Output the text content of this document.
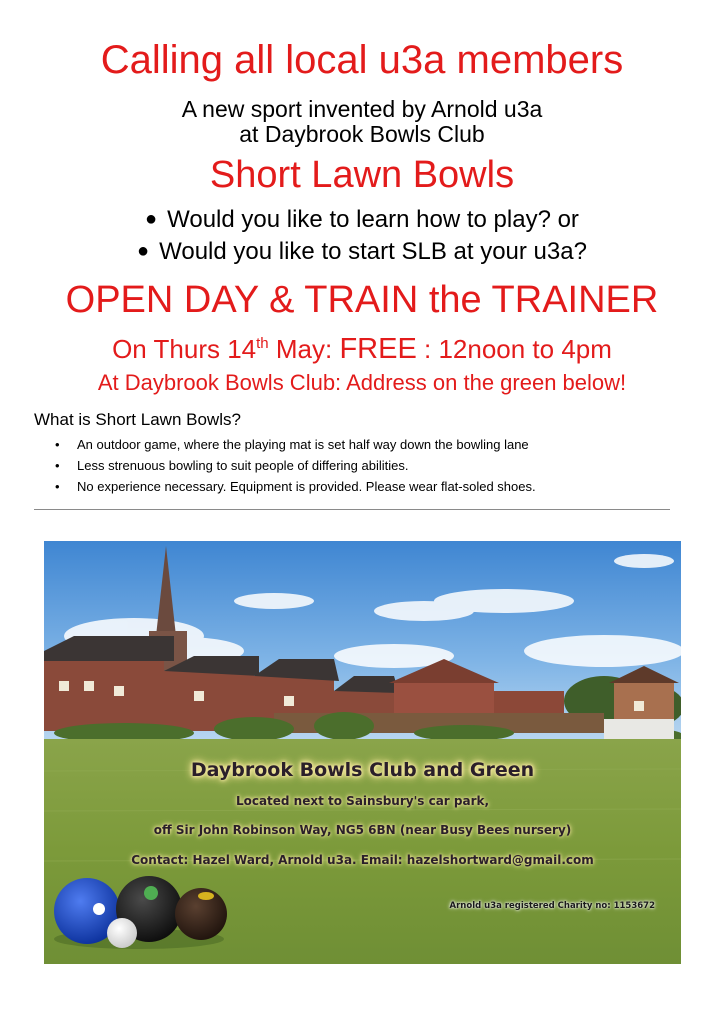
Calling all local u3a members
A new sport invented by Arnold u3a
at Daybrook Bowls Club
Short Lawn Bowls
● Would you like to learn how to play? or
● Would you like to start SLB at your u3a?
OPEN DAY & TRAIN the TRAINER
On Thurs 14th May: FREE : 12noon to 4pm
At Daybrook Bowls Club: Address on the green below!
What is Short Lawn Bowls?
• An outdoor game, where the playing mat is set half way down the bowling lane
• Less strenuous bowling to suit people of differing abilities.
• No experience necessary. Equipment is provided. Please wear flat-soled shoes.
Daybrook Bowls Club and Green
Located next to Sainsbury's car park,
off Sir John Robinson Way, NG5 6BN (near Busy Bees nursery)
Contact: Hazel Ward, Arnold u3a. Email: hazelshortward@gmail.com
Arnold u3a registered Charity no: 1153672
